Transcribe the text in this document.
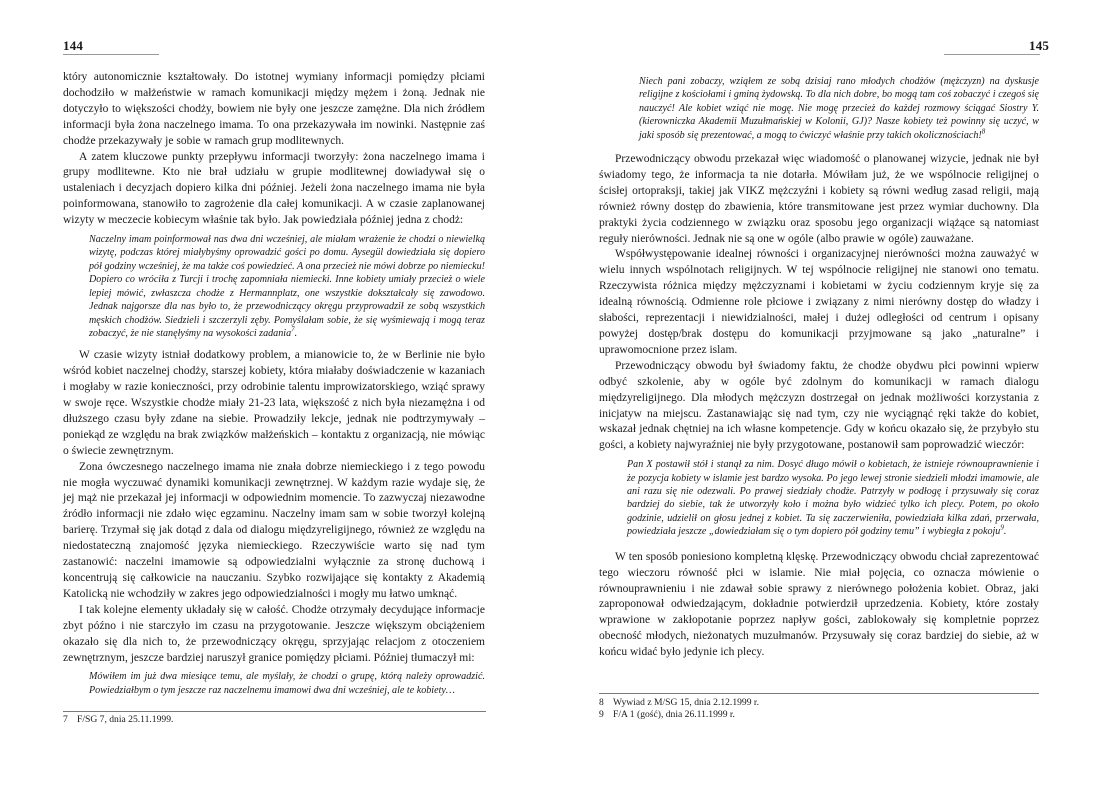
144

który autonomicznie kształtowały. Do istotnej wymiany informacji pomiędzy płciami dochodziło w małżeństwie w ramach komunikacji między mężem i żoną. Jednak nie dotyczyło to większości chodży, bowiem nie były one jeszcze zamężne. Dla nich źródłem informacji była żona naczelnego imama. To ona przekazywała im nowinki. Następnie zaś chodże przekazywały je sobie w ramach grup modlitewnych.

A zatem kluczowe punkty przepływu informacji tworzyły: żona naczelnego imama i grupy modlitewne. Kto nie brał udziału w grupie modlitewnej dowiadywał się o ustaleniach i decyzjach dopiero kilka dni później. Jeżeli żona naczelnego imama nie była poinformowana, stanowiło to zagrożenie dla całej komunikacji. A w czasie zaplanowanej wizyty w meczecie kobiecym właśnie tak było. Jak powiedziała później jedna z chodż:

Naczelny imam poinformował nas dwa dni wcześniej, ale miałam wrażenie że chodzi o niewielką wizytę, podczas której miałybyśmy oprowadzić gości po domu. Aysegül dowiedziała się dopiero pół godziny wcześniej, że ma także coś powiedzieć. A ona przecież nie mówi dobrze po niemiecku! Dopiero co wróciła z Turcji i trochę zapomniała niemiecki. Inne kobiety umiały przecież o wiele lepiej mówić, zwłaszcza chodże z Hermannplatz, one wszystkie dokształcały się zawodowo. Jednak najgorsze dla nas było to, że przewodniczący okręgu przyprowadził ze sobą wszystkich męskich chodżów. Siedzieli i szczerzyli zęby. Pomyślałam sobie, że się wyśmiewają i mogą teraz zobaczyć, że nie stanęłyśmy na wysokości zadania$^7$.

W czasie wizyty istniał dodatkowy problem, a mianowicie to, że w Berlinie nie było wśród kobiet naczelnej chodży, starszej kobiety, która miałaby doświadczenie w kazaniach i mogłaby w razie konieczności, przy odrobinie talentu improwizatorskiego, wziąć sprawy w swoje ręce. Wszystkie chodże miały 21-23 lata, większość z nich była niezamężna i od dłuższego czasu były zdane na siebie. Prowadziły lekcje, jednak nie podtrzymywały – poniekąd ze względu na brak związków małżeńskich – kontaktu z organizacją, nie mówiąc o świecie zewnętrznym.

Zona ówczesnego naczelnego imama nie znała dobrze niemieckiego i z tego powodu nie mogła wyczuwać dynamiki komunikacji zewnętrznej. W każdym razie wydaje się, że jej mąż nie przekazał jej informacji w odpowiednim momencie. To zazwyczaj niezawodne źródło informacji nie zdało więc egzaminu. Naczelny imam sam w sobie tworzył kolejną barierę. Trzymał się jak dotąd z dala od dialogu międzyreligijnego, również ze względu na niedostateczną znajomość języka niemieckiego. Rzeczywiście warto się nad tym zastanowić: naczelni imamowie są odpowiedzialni wyłącznie za stronę duchową i koncentrują się całkowicie na nauczaniu. Szybko rozwijające się kontakty z Akademią Katolicką nie wchodziły w zakres jego odpowiedzialności i mogły mu łatwo umknąć.

I tak kolejne elementy układały się w całość. Chodże otrzymały decydujące informacje zbyt późno i nie starczyło im czasu na przygotowanie. Jeszcze większym obciążeniem okazało się dla nich to, że przewodniczący okręgu, sprzyjając relacjom z otoczeniem zewnętrznym, jeszcze bardziej naruszył granice pomiędzy płciami. Później tłumaczył mi:

Mówiłem im już dwa miesiące temu, ale myślały, że chodzi o grupę, którą należy oprowadzić. Powiedziałbym o tym jeszcze raz naczelnemu imamowi dwa dni wcześniej, ale te kobiety…
7 F/SG 7, dnia 25.11.1999.
145
Niech pani zobaczy, wziąłem ze sobą dzisiaj rano młodych chodżów (mężczyzn) na dyskusje religijne z kościołami i gminą żydowską. To dla nich dobre, bo mogą tam coś zobaczyć i czegoś się nauczyć! Ale kobiet wziąć nie mogę. Nie mogę przecież do każdej rozmowy ściągać Siostry Y. (kierowniczka Akademii Muzułmańskiej w Kolonii, GJ)? Nasze kobiety też powinny się uczyć, w jaki sposób się prezentować, a mogą to ćwiczyć właśnie przy takich okolicznościach!$^8$

Przewodniczący obwodu przekazał więc wiadomość o planowanej wizycie, jednak nie był świadomy tego, że informacja ta nie dotarła. Mówiłam już, że we wspólnocie religijnej o ścisłej ortopraksji, takiej jak VIKZ mężczyźni i kobiety są równi według zasad religii, mają również równy dostęp do zbawienia, które transmitowane jest przez wymiar duchowny. Dla praktyki życia codziennego w związku oraz sposobu jego organizacji wiążące są natomiast reguły nierówności. Jednak nie są one w ogóle (albo prawie w ogóle) zauważane.

Współwystępowanie idealnej równości i organizacyjnej nierówności można zauważyć w wielu innych wspólnotach religijnych. W tej wspólnocie religijnej nie stanowi ono tematu. Rzeczywista różnica między mężczyznami i kobietami w życiu codziennym kryje się za idealną równością. Odmienne role płciowe i związany z nimi nierówny dostęp do władzy i słabości, reprezentacji i niewidzialności, małej i dużej odległości od centrum i opisany powyżej dostęp/brak dostępu do komunikacji przyjmowane są jako „naturalne” i uprawomocnione przez islam.

Przewodniczący obwodu był świadomy faktu, że chodże obydwu płci powinni wpierw odbyć szkolenie, aby w ogóle być zdolnym do komunikacji w ramach dialogu międzyreligijnego. Dla młodych mężczyzn dostrzegał on jednak możliwości korzystania z inicjatyw na miejscu. Zastanawiając się nad tym, czy nie wyciągnąć ręki także do kobiet, wskazał jednak chętniej na ich własne kompetencje. Gdy w końcu okazało się, że przybyło stu gości, a kobiety najwyraźniej nie były przygotowane, postanowił sam poprowadzić wieczór:

Pan X postawił stół i stanął za nim. Dosyć długo mówił o kobietach, że istnieje równouprawnienie i że pozycja kobiety w islamie jest bardzo wysoka. Po jego lewej stronie siedzieli młodzi imamowie, ale ani razu się nie odezwali. Po prawej siedziały chodże. Patrzyły w podłogę i przysuwały się coraz bardziej do siebie, tak że utworzyły koło i można było widzieć tylko ich plecy. Potem, po około godzinie, udzielił on głosu jednej z kobiet. Ta się zaczerwieniła, powiedziała kilka zdań, przerwała, powiedziała jeszcze „dowiedziałam się o tym dopiero pół godziny temu” i wybiegła z pokoju$^9$.

W ten sposób poniesiono kompletną klęskę. Przewodniczący obwodu chciał zaprezentować tego wieczoru równość płci w islamie. Nie miał pojęcia, co oznacza mówienie o równouprawnieniu i nie zdawał sobie sprawy z nierównego położenia kobiet. Obraz, jaki zaproponował odwiedzającym, dokładnie potwierdził uprzedzenia. Kobiety, które zostały wprawione w zakłopotanie poprzez napływ gości, zablokowały się kompletnie poprzez obecność młodych, nieżonatych muzułmanów. Przysuwały się coraz bardziej do siebie, aż w końcu widać było jedynie ich plecy.

8 Wywiad z M/SG 15, dnia 2.12.1999 r.
9 F/A 1 (gość), dnia 26.11.1999 r.
